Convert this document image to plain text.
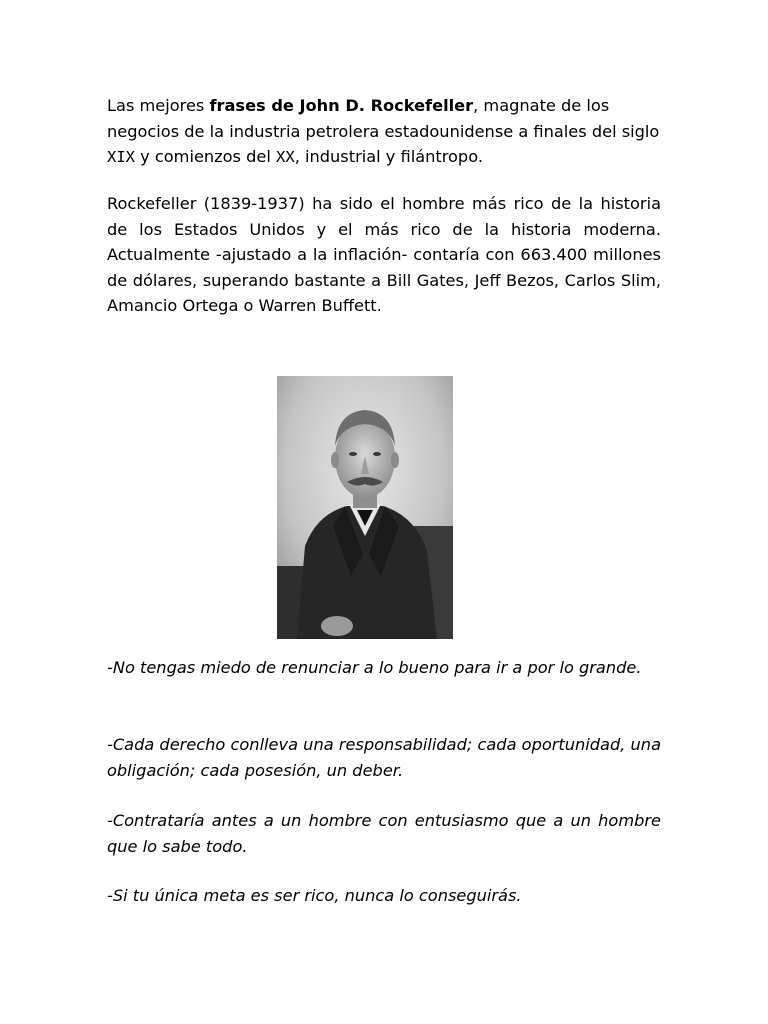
Las mejores frases de John D. Rockefeller, magnate de los negocios de la industria petrolera estadounidense a finales del siglo XIX y comienzos del XX, industrial y filántropo.

Rockefeller (1839-1937) ha sido el hombre más rico de la historia de los Estados Unidos y el más rico de la historia moderna. Actualmente -ajustado a la inflación- contaría con 663.400 millones de dólares, superando bastante a Bill Gates, Jeff Bezos, Carlos Slim, Amancio Ortega o Warren Buffett.

-No tengas miedo de renunciar a lo bueno para ir a por lo grande.

-Cada derecho conlleva una responsabilidad; cada oportunidad, una obligación; cada posesión, un deber.

-Contrataría antes a un hombre con entusiasmo que a un hombre que lo sabe todo.

-Si tu única meta es ser rico, nunca lo conseguirás.
